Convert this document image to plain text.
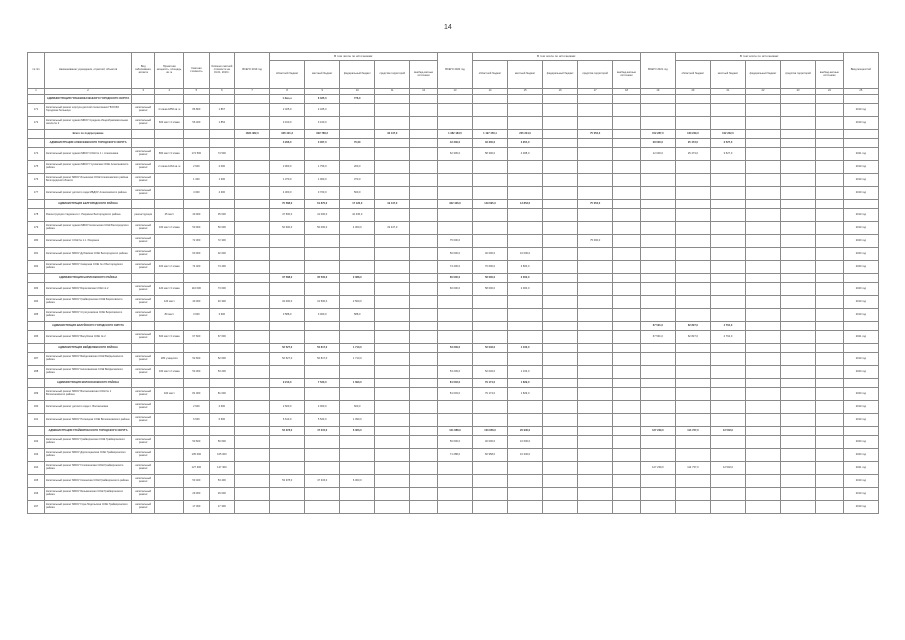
14
№ п/п	Наименование учреждения, отраслей, объектов	Вид заболевания, аспекта	Проектная мощность, площадь, кв. м	Сметная стоимость	Освоено сметной стоимости на 01.01. 2019 г.	ВСЕГО 2019 год	В том числе по источникам:					ВСЕГО 2020 год	В том числе по источникам:					ВСЕГО 2021 год	В том числе по источникам:					Ввод мощностей
							областной бюджет	местный бюджет	федеральный бюджет	средства территорий	внебюд-жетные источники		областной бюджет	местный бюджет	федеральный бюджет	средства территорий	внебюд-жетные источники		областной бюджет	местный бюджет	федеральный бюджет	средства территорий	внебюд-жетные источники	
1	2	3	4	5	6	7	8	9	10	11	12	13	14	15	16	17	18	19	20	21	22	23	24	25
	АДМИНИСТРАЦИЯ ГРАНЕВОКАЗЕННОГО ГОРОДСКОГО ОКРУГА						1 3мо,о	6 325,0	776,0															
171	Капитальный ремонт корпуса детской поликлиники ГБУЗ ВО Городская больница	капитальный ремонт	4 этажа 1856 кв. м	86 800	1 867		2 325,0	2 325,0																2019 год
172	Капитальный ремонт здания МБОУ Средняя общеобразовательная школа № 2	капитальный ремонт	600 мест 4 этажа	56 400	1 852		3 160,0	3 160,0																2019 год
	Всего по подпрограмме					1824 382,3	905 421,3	822 786,2		33 447,0		1 382 183,5	1 197 450,1	205 224,0		75 052,3		152 287,0	160 239,0	102 232,0				
	АДМИНИСТРАЦИЯ АЛЕКСЕЕВСКОГО ГОРОДСКОГО ОКРУГА						3 296,0	3 067,0	70,00			42 309,0	33 330,0	3 954,0				28 000,0	25 473,0	3 527,0				
174	Капитальный ремонт здания МБОУ СОШ № 1 г. Алексеевка	капитальный ремонт	860 мест 3 этажа	174 500	74 500							62 306,0	58 300,0	4 008,0				12 000,0	25 473,0	3 527,0				2021 год
175	Капитальный ремонт здания МБОУ Глуховская ООШ Алексеевского района	капитальный ремонт	2 этажа 1264 кв. м	2 600	2 000		2 960,0	1 759,0	200,0															2019 год
176	Капитальный ремонт МБОУ Ильинская ООШ Алексеевского района Белгородской области	капитальный ремонт		1 300	1 300		1 370,0	1 000,0	370,0															2019 год
177	Капитальный ремонт детского сада МБДОУ Алексеевского района	капитальный ремонт		4 300	4 300		4 300,0	3 700,0	500,0															2019 год
	АДМИНИСТРАЦИЯ БЕЛГОРОДСКОГО РАЙОНА						70 588,0	61 870,0	17 126,0	19 447,0		332 426,0	149 695,0	13 853,0		75 052,0								
178	Реконструкция стадиона в п. Разумное Белгородского района	реконструкция	45 мест	40 000	35 000		47 500,0	41 000,0	10 436,0															2019 год
179	Капитальный ремонт здания МБОУ Никольская СОШ Белгородского района	капитальный ремонт	160 мест 2 этажа	50 000	50 000		52 600,0	50 000,0	4 000,0	19 447,0														2019 год
180	Капитальный ремонт СОШ № 1 п. Разумное	капитальный ремонт		72 300	72 300							75 000,0				75 000,0								2020 год
181	Капитальный ремонт МБОУ Дубовская СОШ Белгородского района	капитальный ремонт		60 000	32 000							50 000,0	40 000,0	10 000,0										2020 год
182	Капитальный ремонт МБОУ Северная СОШ № 2 Белгородского района	капитальный ремонт	400 мест 2 этажа	74 400	74 400							74 400,0	70 600,0	3 800,0										2020 год
	АДМИНИСТРАЦИЯ БОРИСОВСКОГО РАЙОНА						37 588,0	35 500,0	2 088,0			60 000,0	58 000,0	2 000,0										
183	Капитальный ремонт МБОУ Борисовская СОШ № 2	капитальный ремонт	420 мест 3 этажа	110 000	73 000							60 000,0	58 000,0	2 000,0										2020 год
184	Капитальный ремонт МБОУ Грайворонская СОШ Борисовского района	капитальный ремонт	120 мест	40 300	40 300		34 000,0	31 500,0	2 500,0															2019 год
185	Капитальный ремонт МБОУ Стригуновская СОШ Борисовского района	капитальный ремонт	80 мест	3 600	3 600		3 588,0	3 000,0	588,0															2019 год
	АДМИНИСТРАЦИЯ ВАЛУЙСКОГО ГОРОДСКОГО ОКРУГА																	67 591,0	62 827,0	4 764,0				
186	Капитальный ремонт МБОУ Валуйская СОШ № 2	капитальный ремонт	600 мест 3 этажа	67 600	67 600													67 591,0	62 827,0	4 764,0				2021 год
	АДМИНИСТРАЦИЯ ВЕЙДЕЛЕВСКОГО РАЙОНА						52 527,0	50 817,0	1 710,0			53 209,0	52 046,0	1 163,0										
187	Капитальный ремонт МБОУ Вейделевская СОШ Вейделевского района	капитальный ремонт	280 учащихся	52 600	52 600		52 527,0	50 817,0	1 710,0															2019 год
188	Капитальный ремонт МБОУ Николаевская СОШ Вейделевского района	капитальный ремонт	160 мест 2 этажа	53 300	53 200							53 209,0	52 046,0	1 163,0										2020 год
	АДМИНИСТРАЦИЯ ВОЛОКОНОВСКОГО РАЙОНА						9 213,0	7 523,0	1 690,0			81 003,0	79 174,0	1 829,0										
189	Капитальный ремонт МБОУ Волоконовская СОШ № 1 Волоконовского района	капитальный ремонт	320 мест	81 000	81 000							81 003,0	79 174,0	1 829,0										2020 год
190	Капитальный ремонт детского сада п. Волоконовка	капитальный ремонт		2 600	2 600		2 600,0	2 000,0	600,0															2019 год
191	Капитальный ремонт МБОУ Пятницкая СОШ Волоконовского района	капитальный ремонт		6 600	6 600		6 613,0	5 523,0	1 090,0															2019 год
	АДМИНИСТРАЦИЯ ГРАЙВОРОНСКОГО ГОРОДСКОГО ОКРУГА						53 378,0	47 315,0	6 063,0			121 888,0	100 958,0	20 930,0				127 239,0	114 737,0	12 502,0				
192	Капитальный ремонт МБОУ Грайворонская СОШ Грайворонского района	капитальный ремонт		50 600	50 600							50 600,0	40 000,0	10 600,0										2020 год
193	Капитальный ремонт МБОУ Дорогощанская СОШ Грайворонского района	капитальный ремонт		105 000	105 000							71 288,0	60 958,0	10 330,0										2020 год
194	Капитальный ремонт МБОУ Головчинская СОШ Грайворонского района	капитальный ремонт		127 300	127 300													127 239,0	114 737,0	12 502,0				2021 год
195	Капитальный ремонт МБОУ Козинская СОШ Грайворонского района	капитальный ремонт		53 400	53 400		53 378,0	47 315,0	6 063,0															2019 год
196	Капитальный ремонт МБОУ Безыменская СОШ Грайворонского района	капитальный ремонт		29 000	29 000																			2019 год
197	Капитальный ремонт МБОУ Гора-Подольская СОШ Грайворонского района	капитальный ремонт		17 300	17 300																			2019 год
